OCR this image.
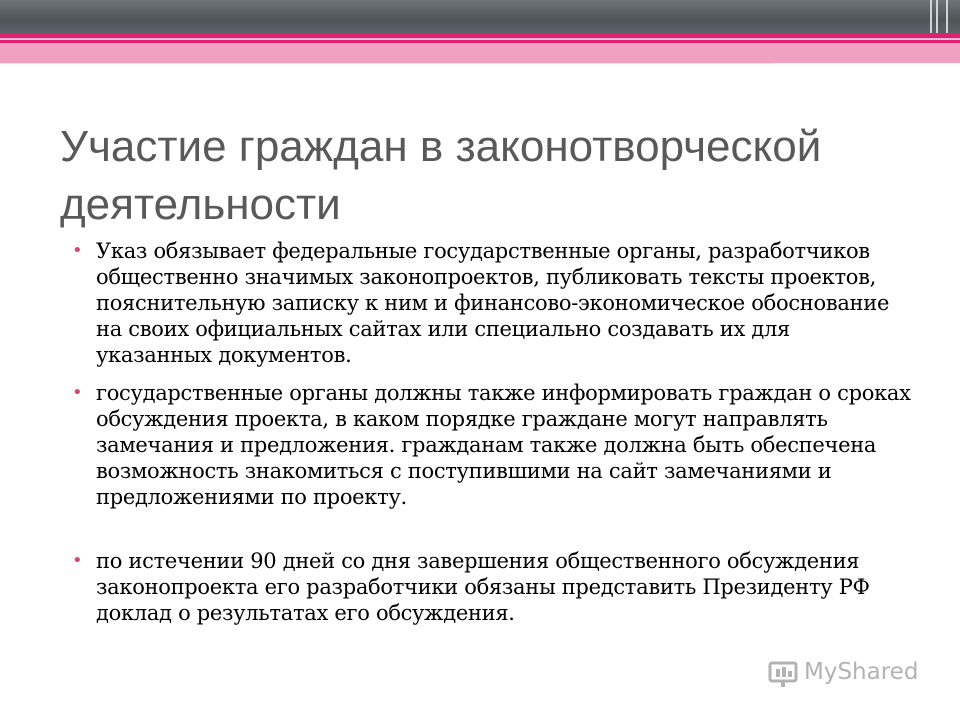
Участие граждан в законотворческой деятельности
• Указ обязывает федеральные государственные органы, разработчиков общественно значимых законопроектов, публиковать тексты проектов, пояснительную записку к ним и финансово-экономическое обоснование на своих официальных сайтах или специально создавать их для указанных документов.
• государственные органы должны также информировать граждан о сроках обсуждения проекта, в каком порядке граждане могут направлять замечания и предложения. гражданам также должна быть обеспечена возможность знакомиться с поступившими на сайт замечаниями и предложениями по проекту.
• по истечении 90 дней со дня завершения общественного обсуждения законопроекта его разработчики обязаны представить Президенту РФ доклад о результатах его обсуждения.
MyShared
